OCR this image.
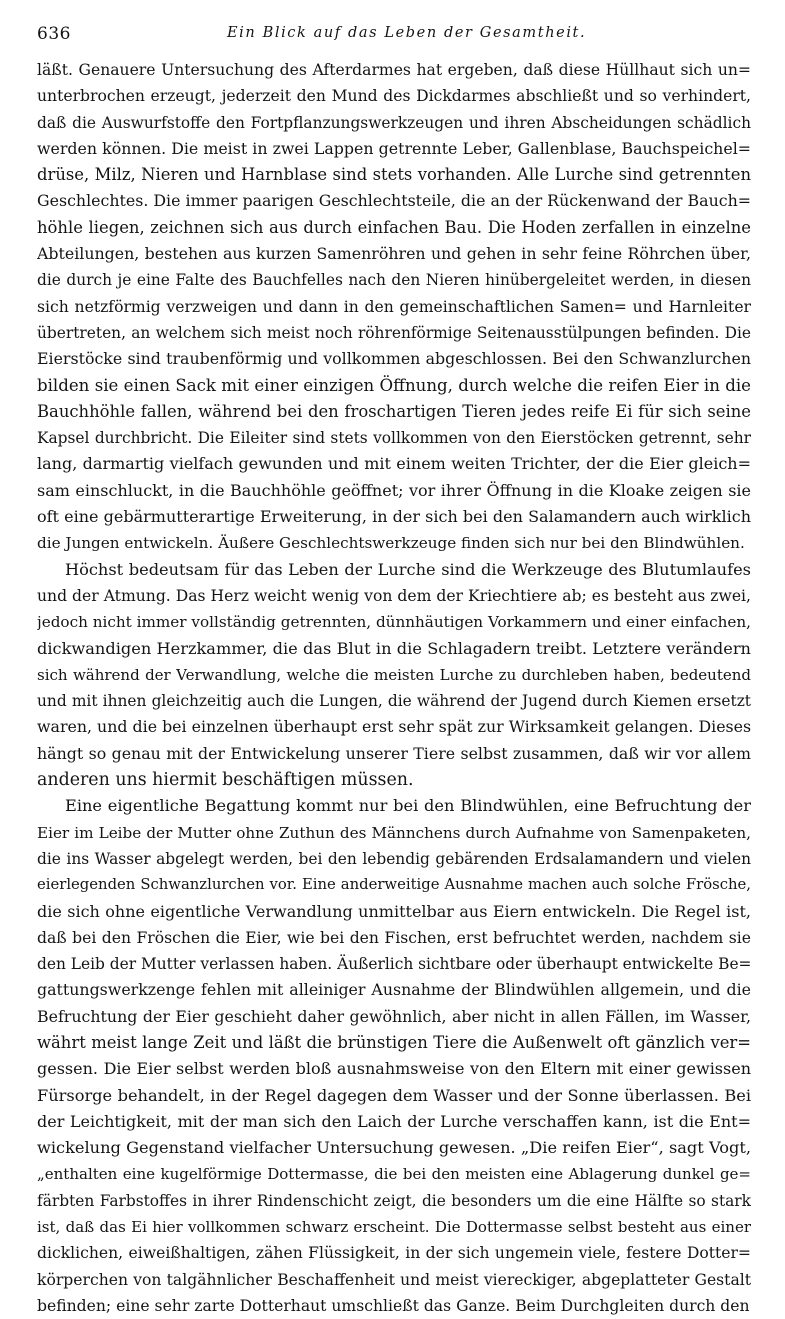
636	Ein Blick auf das Leben der Gesamtheit.
läßt. Genauere Untersuchung des Afterdarmes hat ergeben, daß diese Hüllhaut sich un=
unterbrochen erzeugt, jederzeit den Mund des Dickdarmes abschließt und so verhindert,
daß die Auswurfstoffe den Fortpflanzungswerkzeugen und ihren Abscheidungen schädlich
werden können. Die meist in zwei Lappen getrennte Leber, Gallenblase, Bauchspeichel=
drüse, Milz, Nieren und Harnblase sind stets vorhanden. Alle Lurche sind getrennten
Geschlechtes. Die immer paarigen Geschlechtsteile, die an der Rückenwand der Bauch=
höhle liegen, zeichnen sich aus durch einfachen Bau. Die Hoden zerfallen in einzelne
Abteilungen, bestehen aus kurzen Samenröhren und gehen in sehr feine Röhrchen über,
die durch je eine Falte des Bauchfelles nach den Nieren hinübergeleitet werden, in diesen
sich netzförmig verzweigen und dann in den gemeinschaftlichen Samen= und Harnleiter
übertreten, an welchem sich meist noch röhrenförmige Seitenausstülpungen befinden. Die
Eierstöcke sind traubenförmig und vollkommen abgeschlossen. Bei den Schwanzlurchen
bilden sie einen Sack mit einer einzigen Öffnung, durch welche die reifen Eier in die
Bauchhöhle fallen, während bei den froschartigen Tieren jedes reife Ei für sich seine
Kapsel durchbricht. Die Eileiter sind stets vollkommen von den Eierstöcken getrennt, sehr
lang, darmartig vielfach gewunden und mit einem weiten Trichter, der die Eier gleich=
sam einschluckt, in die Bauchhöhle geöffnet; vor ihrer Öffnung in die Kloake zeigen sie
oft eine gebärmutterartige Erweiterung, in der sich bei den Salamandern auch wirklich
die Jungen entwickeln. Äußere Geschlechtswerkzeuge finden sich nur bei den Blindwühlen.
Höchst bedeutsam für das Leben der Lurche sind die Werkzeuge des Blutumlaufes
und der Atmung. Das Herz weicht wenig von dem der Kriechtiere ab; es besteht aus zwei,
jedoch nicht immer vollständig getrennten, dünnhäutigen Vorkammern und einer einfachen,
dickwandigen Herzkammer, die das Blut in die Schlagadern treibt. Letztere verändern
sich während der Verwandlung, welche die meisten Lurche zu durchleben haben, bedeutend
und mit ihnen gleichzeitig auch die Lungen, die während der Jugend durch Kiemen ersetzt
waren, und die bei einzelnen überhaupt erst sehr spät zur Wirksamkeit gelangen. Dieses
hängt so genau mit der Entwickelung unserer Tiere selbst zusammen, daß wir vor allem
anderen uns hiermit beschäftigen müssen.
Eine eigentliche Begattung kommt nur bei den Blindwühlen, eine Befruchtung der
Eier im Leibe der Mutter ohne Zuthun des Männchens durch Aufnahme von Samenpaketen,
die ins Wasser abgelegt werden, bei den lebendig gebärenden Erdsalamandern und vielen
eierlegenden Schwanzlurchen vor. Eine anderweitige Ausnahme machen auch solche Frösche,
die sich ohne eigentliche Verwandlung unmittelbar aus Eiern entwickeln. Die Regel ist,
daß bei den Fröschen die Eier, wie bei den Fischen, erst befruchtet werden, nachdem sie
den Leib der Mutter verlassen haben. Äußerlich sichtbare oder überhaupt entwickelte Be=
gattungswerkzenge fehlen mit alleiniger Ausnahme der Blindwühlen allgemein, und die
Befruchtung der Eier geschieht daher gewöhnlich, aber nicht in allen Fällen, im Wasser,
währt meist lange Zeit und läßt die brünstigen Tiere die Außenwelt oft gänzlich ver=
gessen. Die Eier selbst werden bloß ausnahmsweise von den Eltern mit einer gewissen
Fürsorge behandelt, in der Regel dagegen dem Wasser und der Sonne überlassen. Bei
der Leichtigkeit, mit der man sich den Laich der Lurche verschaffen kann, ist die Ent=
wickelung Gegenstand vielfacher Untersuchung gewesen. „Die reifen Eier“, sagt Vogt,
„enthalten eine kugelförmige Dottermasse, die bei den meisten eine Ablagerung dunkel ge=
färbten Farbstoffes in ihrer Rindenschicht zeigt, die besonders um die eine Hälfte so stark
ist, daß das Ei hier vollkommen schwarz erscheint. Die Dottermasse selbst besteht aus einer
dicklichen, eiweißhaltigen, zähen Flüssigkeit, in der sich ungemein viele, festere Dotter=
körperchen von talgähnlicher Beschaffenheit und meist viereckiger, abgeplatteter Gestalt
befinden; eine sehr zarte Dotterhaut umschließt das Ganze. Beim Durchgleiten durch den
